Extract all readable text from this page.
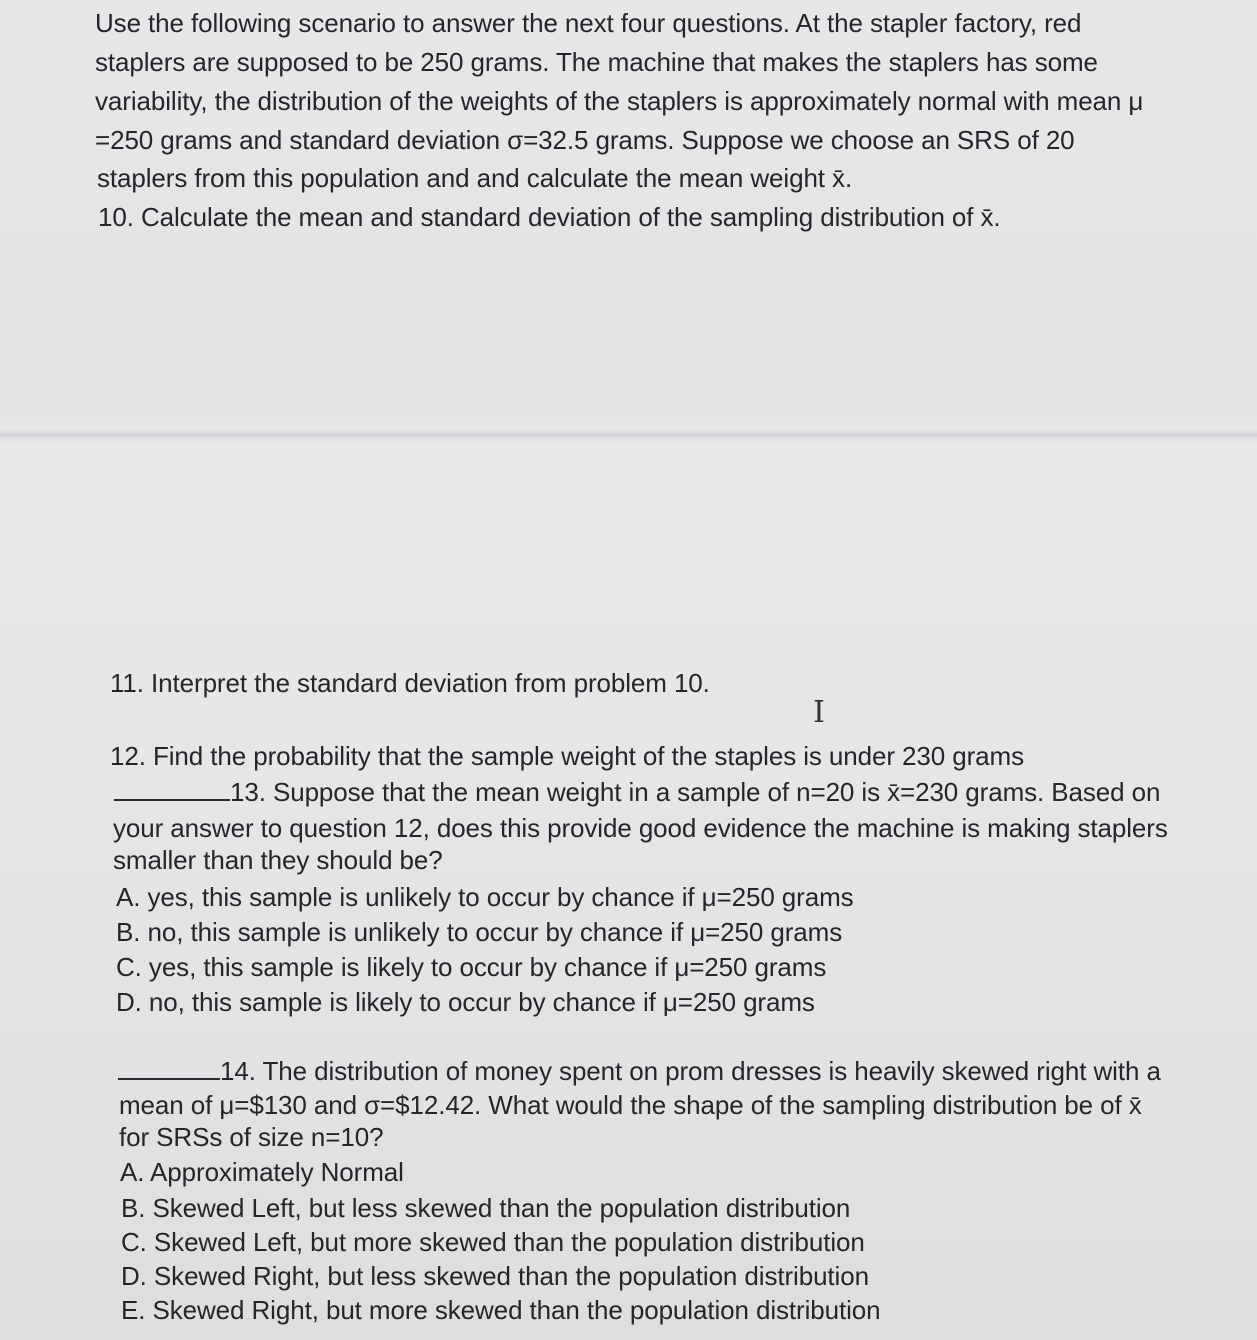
Use the following scenario to answer the next four questions. At the stapler factory, red
staplers are supposed to be 250 grams. The machine that makes the staplers has some
variability, the distribution of the weights of the staplers is approximately normal with mean μ
=250 grams and standard deviation σ=32.5 grams. Suppose we choose an SRS of 20
staplers from this population and and calculate the mean weight x̄.
10. Calculate the mean and standard deviation of the sampling distribution of x̄.
11. Interpret the standard deviation from problem 10.
I
12. Find the probability that the sample weight of the staples is under 230 grams
13. Suppose that the mean weight in a sample of n=20 is x̄=230 grams. Based on
your answer to question 12, does this provide good evidence the machine is making staplers
smaller than they should be?
A. yes, this sample is unlikely to occur by chance if μ=250 grams
B. no, this sample is unlikely to occur by chance if μ=250 grams
C. yes, this sample is likely to occur by chance if μ=250 grams
D. no, this sample is likely to occur by chance if μ=250 grams
14. The distribution of money spent on prom dresses is heavily skewed right with a
mean of μ=$130 and σ=$12.42. What would the shape of the sampling distribution be of x̄
for SRSs of size n=10?
A. Approximately Normal
B. Skewed Left, but less skewed than the population distribution
C. Skewed Left, but more skewed than the population distribution
D. Skewed Right, but less skewed than the population distribution
E. Skewed Right, but more skewed than the population distribution
